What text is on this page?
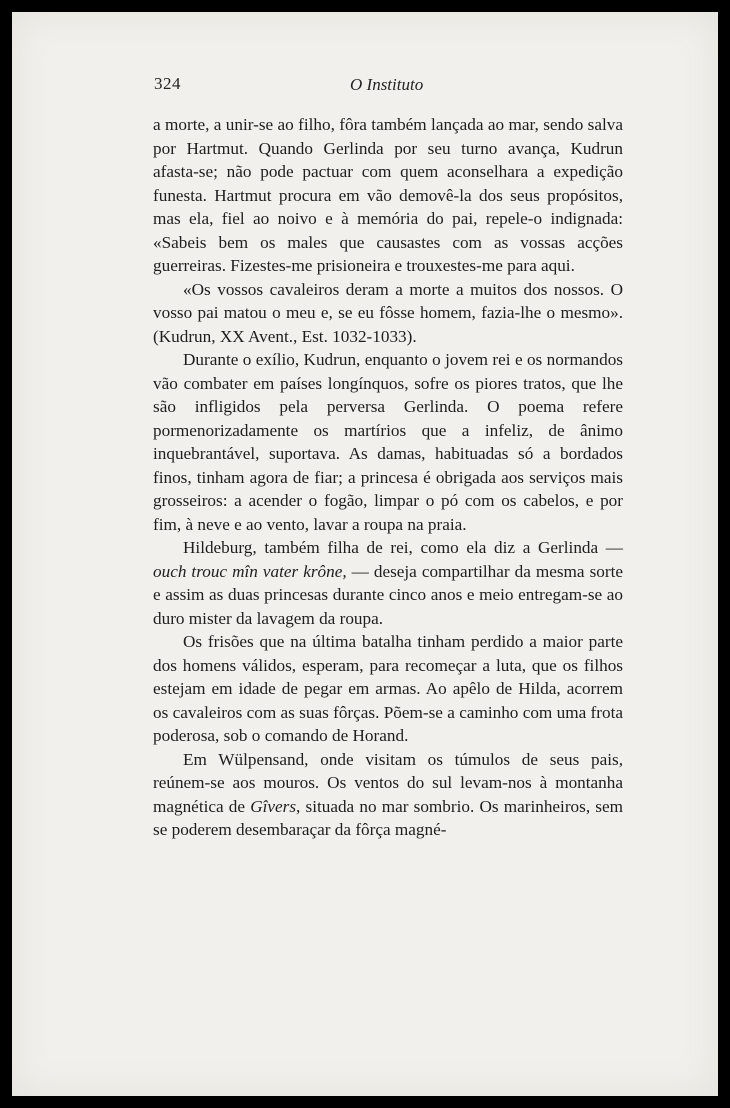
324	O Instituto

a morte, a unir-se ao filho, fôra também lançada ao mar, sendo salva por Hartmut. Quando Gerlinda por seu turno avança, Kudrun afasta-se; não pode pactuar com quem aconselhara a expedição funesta. Hartmut procura em vão demovê-la dos seus propósitos, mas ela, fiel ao noivo e à memória do pai, repele-o indignada: «Sabeis bem os males que causastes com as vossas acções guerreiras. Fizestes-me prisioneira e trouxestes-me para aqui.

«Os vossos cavaleiros deram a morte a muitos dos nossos. O vosso pai matou o meu e, se eu fôsse homem, fazia-lhe o mesmo». (Kudrun, XX Avent., Est. 1032-1033).

Durante o exílio, Kudrun, enquanto o jovem rei e os normandos vão combater em países longínquos, sofre os piores tratos, que lhe são infligidos pela perversa Gerlinda. O poema refere pormenorizadamente os martírios que a infeliz, de ânimo inquebrantável, suportava. As damas, habituadas só a bordados finos, tinham agora de fiar; a princesa é obrigada aos serviços mais grosseiros: a acender o fogão, limpar o pó com os cabelos, e por fim, à neve e ao vento, lavar a roupa na praia.

Hildeburg, também filha de rei, como ela diz a Gerlinda — ouch trouc mîn vater krône, — deseja compartilhar da mesma sorte e assim as duas princesas durante cinco anos e meio entregam-se ao duro mister da lavagem da roupa.

Os frisões que na última batalha tinham perdido a maior parte dos homens válidos, esperam, para recomeçar a luta, que os filhos estejam em idade de pegar em armas. Ao apêlo de Hilda, acorrem os cavaleiros com as suas fôrças. Põem-se a caminho com uma frota poderosa, sob o comando de Horand.

Em Wülpensand, onde visitam os túmulos de seus pais, reúnem-se aos mouros. Os ventos do sul levam-nos à montanha magnética de Gîvers, situada no mar sombrio. Os marinheiros, sem se poderem desembaraçar da fôrça magné-
